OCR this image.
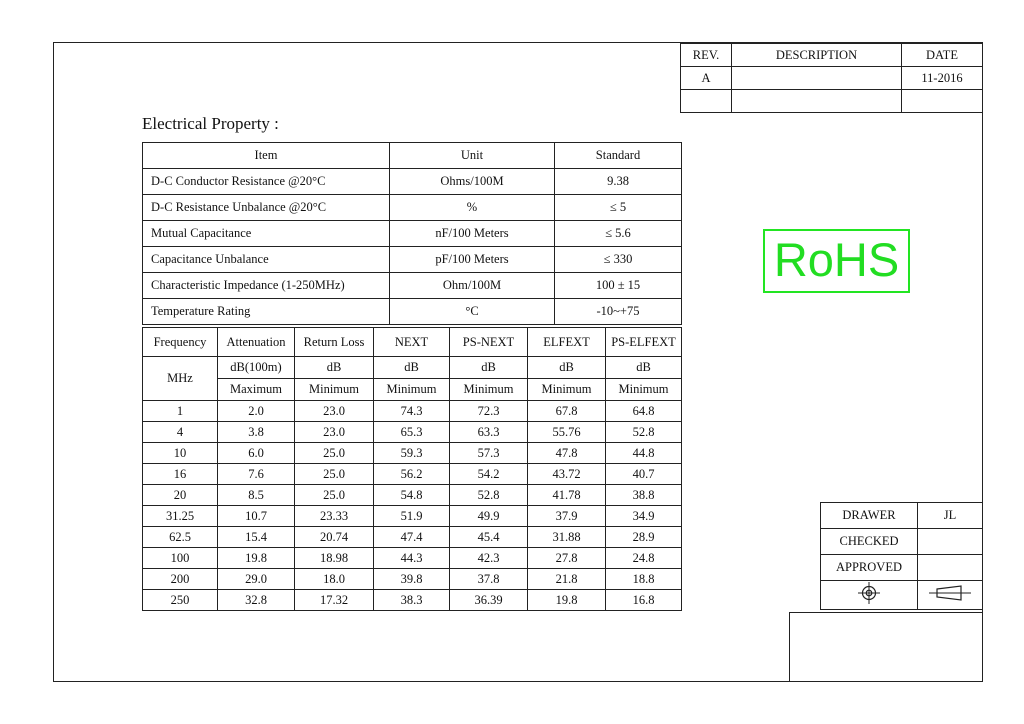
REV.	DESCRIPTION	DATE
A		11-2016

Electrical Property :
Item	Unit	Standard
D-C Conductor Resistance @20°C	Ohms/100M	9.38
D-C Resistance Unbalance @20°C	%	≤ 5
Mutual Capacitance	nF/100 Meters	≤ 5.6
Capacitance Unbalance	pF/100 Meters	≤ 330
Characteristic Impedance (1-250MHz)	Ohm/100M	100 ± 15
Temperature Rating	°C	-10~+75
Frequency	Attenuation	Return Loss	NEXT	PS-NEXT	ELFEXT	PS-ELFEXT
MHz	dB(100m)	dB	dB	dB	dB	dB
	Maximum	Minimum	Minimum	Minimum	Minimum	Minimum
1	2.0	23.0	74.3	72.3	67.8	64.8
4	3.8	23.0	65.3	63.3	55.76	52.8
10	6.0	25.0	59.3	57.3	47.8	44.8
16	7.6	25.0	56.2	54.2	43.72	40.7
20	8.5	25.0	54.8	52.8	41.78	38.8
31.25	10.7	23.33	51.9	49.9	37.9	34.9
62.5	15.4	20.74	47.4	45.4	31.88	28.9
100	19.8	18.98	44.3	42.3	27.8	24.8
200	29.0	18.0	39.8	37.8	21.8	18.8
250	32.8	17.32	38.3	36.39	19.8	16.8
RoHS
DRAWER	JL
CHECKED	
APPROVED	
